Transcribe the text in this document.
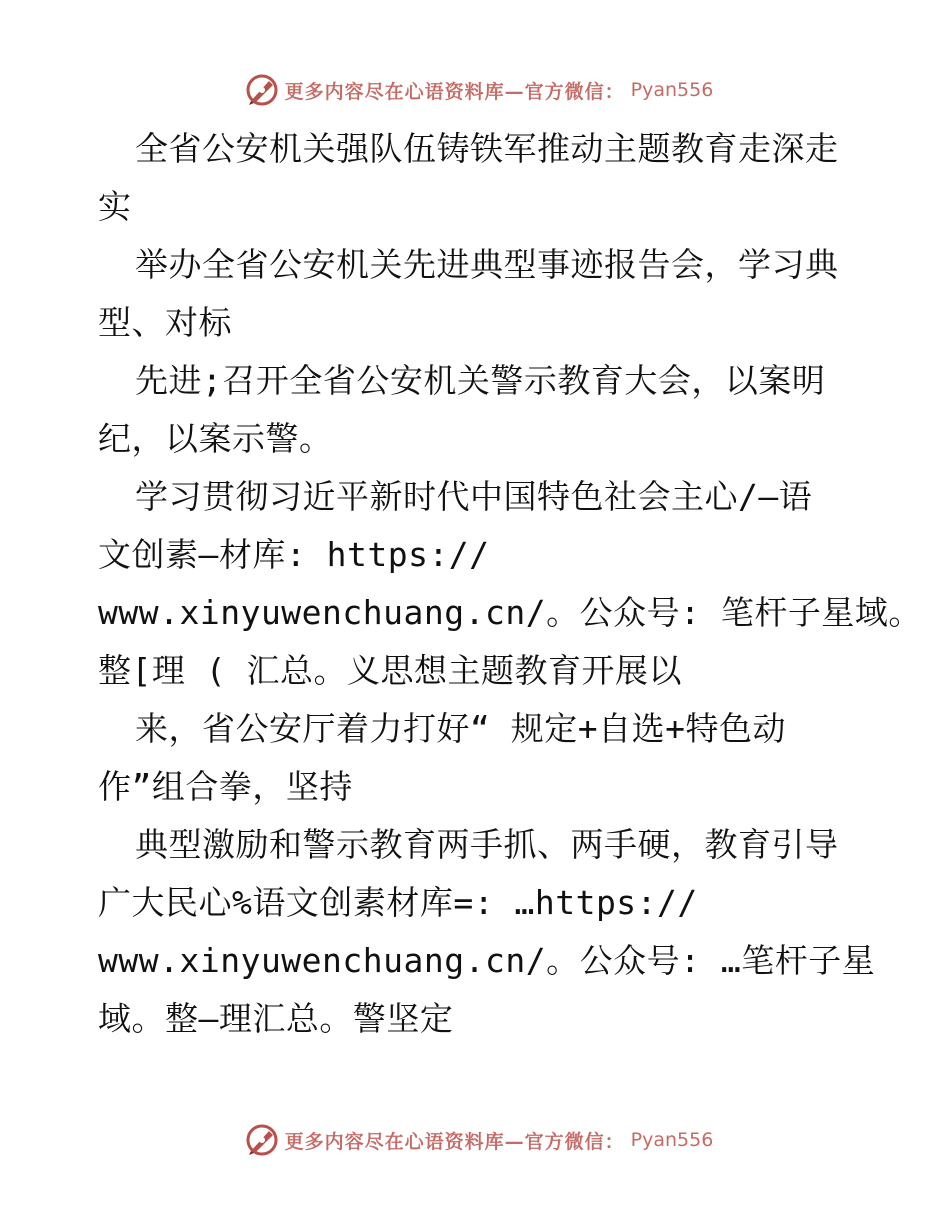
更多内容尽在心语资料库—官方微信： Pyan556
全省公安机关强队伍铸铁军推动主题教育走深走
实
举办全省公安机关先进典型事迹报告会，学习典
型、对标
先进;召开全省公安机关警示教育大会，以案明
纪，以案示警。
学习贯彻习近平新时代中国特色社会主心/—语
文创素—材库: https://
www.xinyuwenchuang.cn/。公众号: 笔杆子星域。
整[理 ( 汇总。义思想主题教育开展以
来，省公安厅着力打好“ 规定+自选+特色动
作”组合拳，坚持
典型激励和警示教育两手抓、两手硬，教育引导
广大民心%语文创素材库=: …https://
www.xinyuwenchuang.cn/。公众号: …笔杆子星
域。整—理汇总。警坚定
更多内容尽在心语资料库—官方微信： Pyan556
